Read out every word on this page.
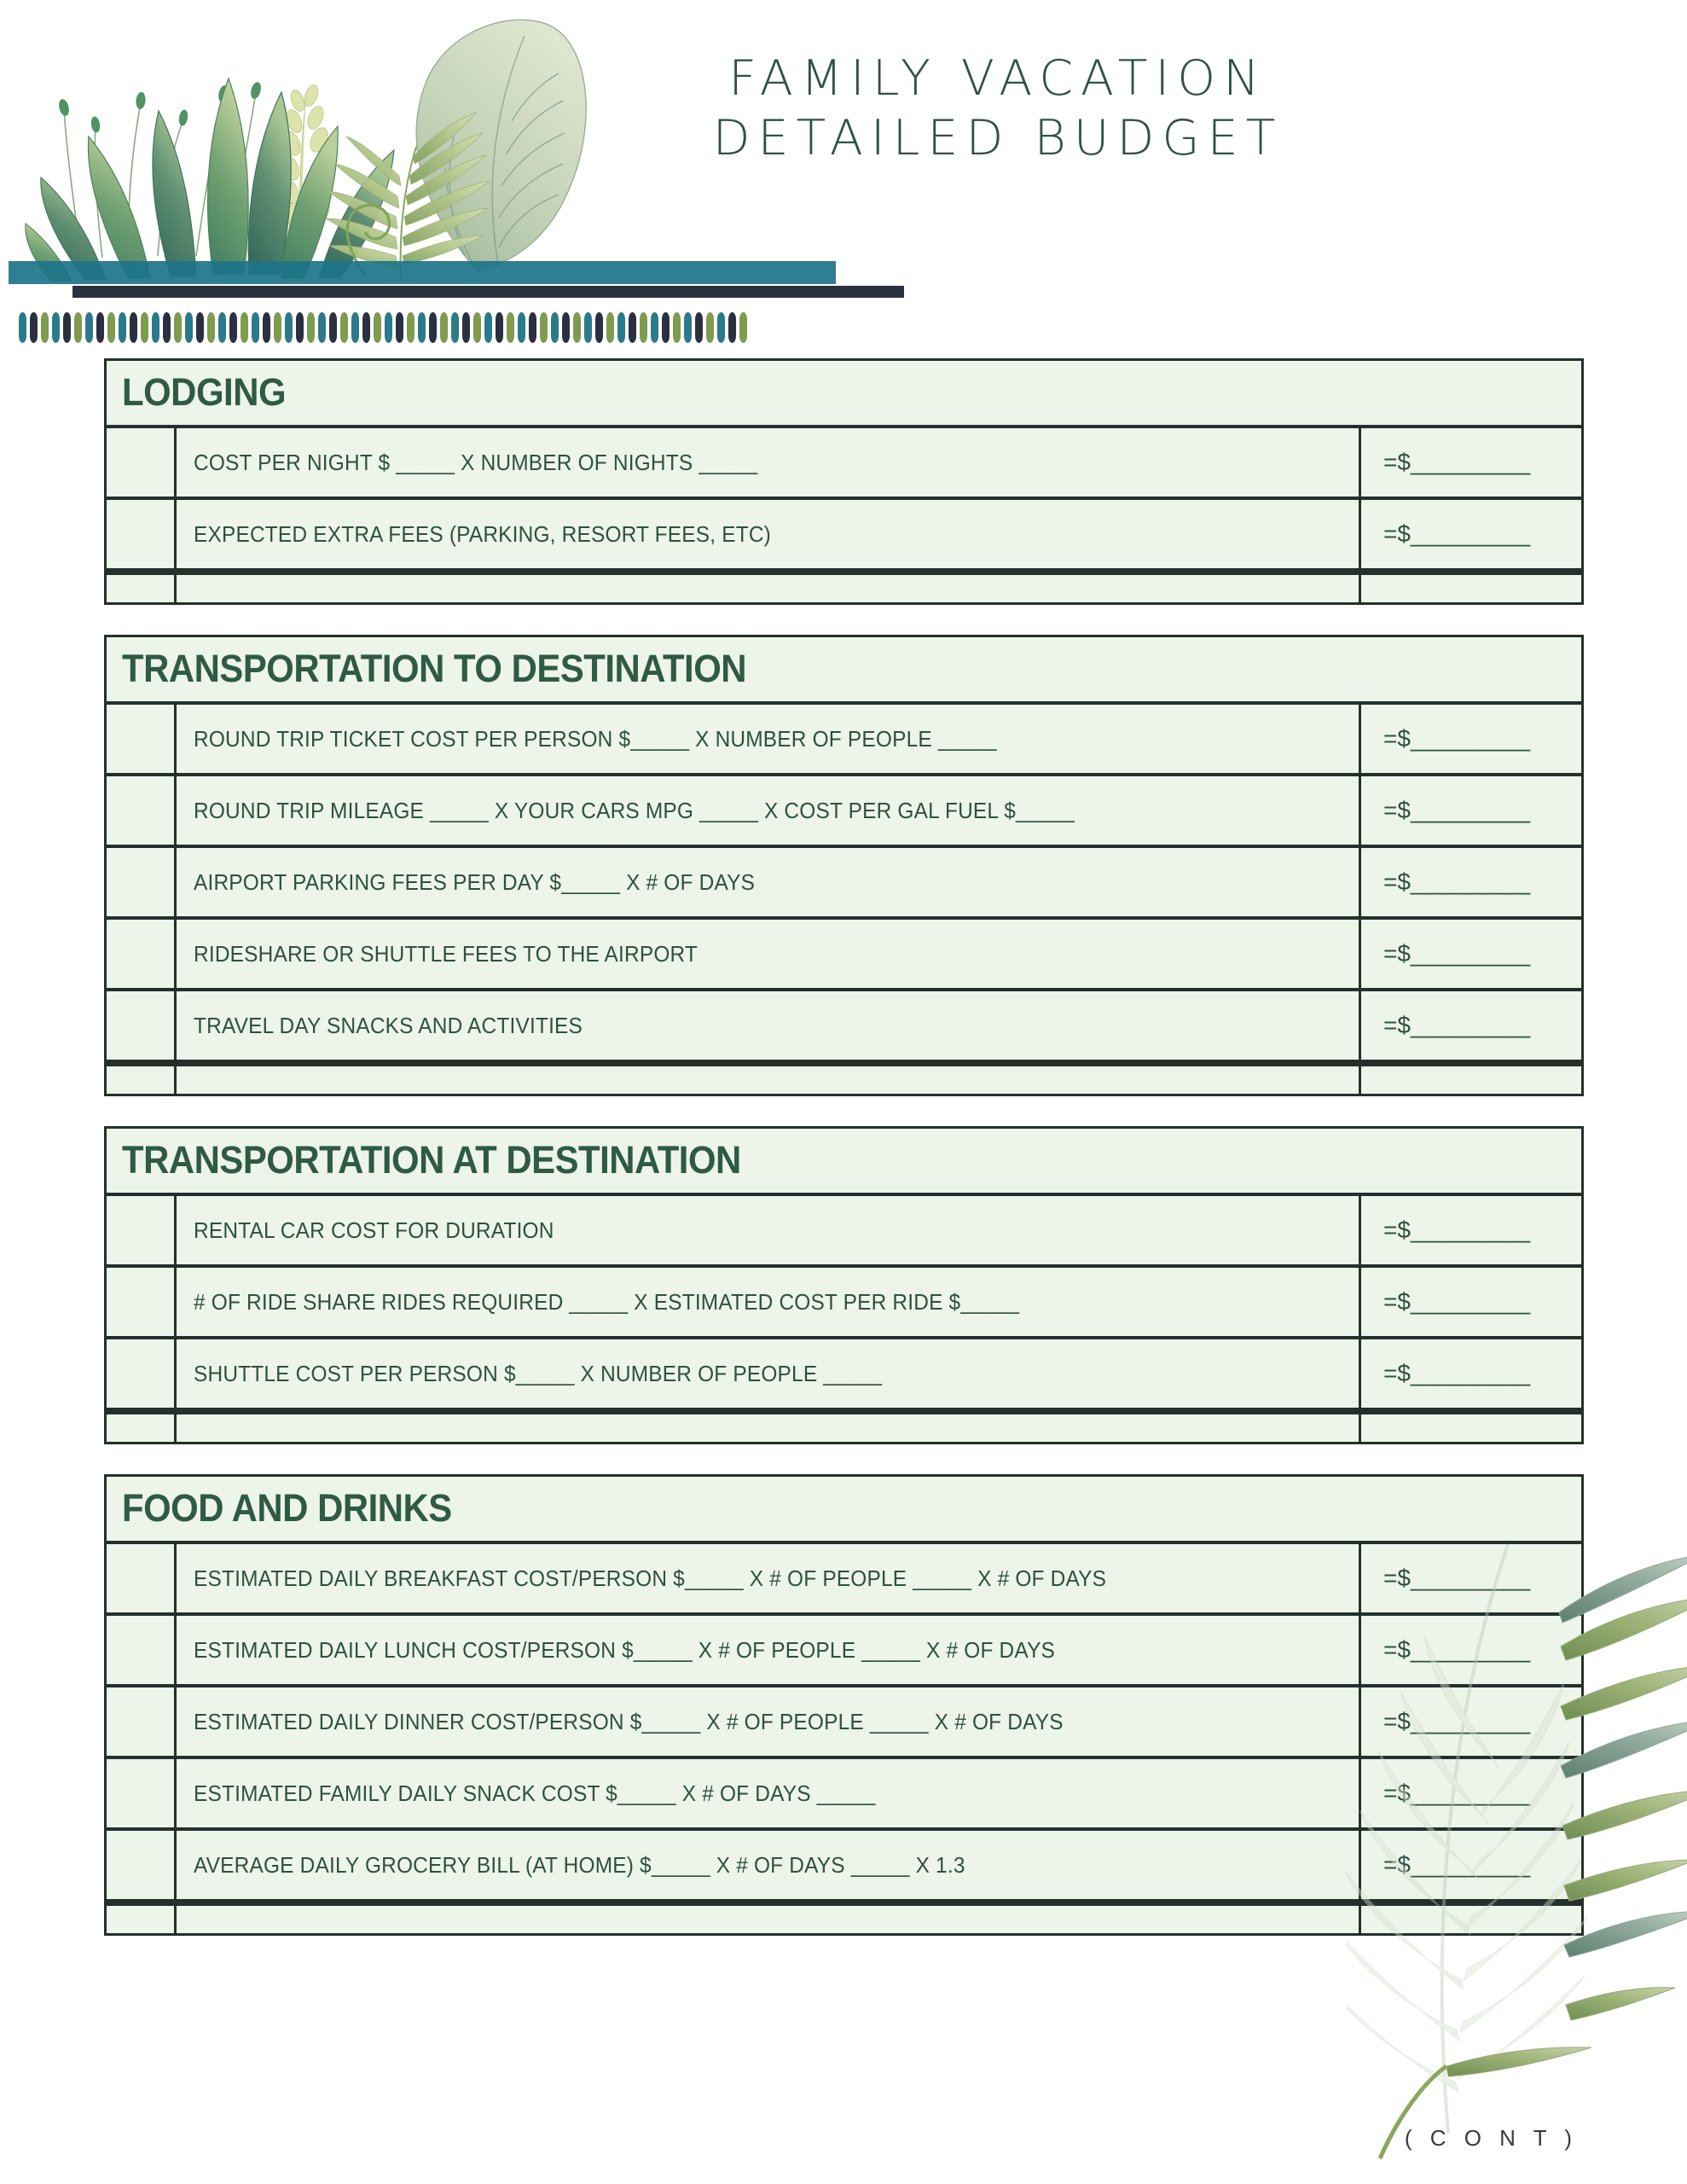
FAMILY VACATION
DETAILED BUDGET
LODGING
COST PER NIGHT $ _____ X NUMBER OF NIGHTS _____	=$_________
EXPECTED EXTRA FEES (PARKING, RESORT FEES, ETC)	=$_________
TRANSPORTATION TO DESTINATION
ROUND TRIP TICKET COST PER PERSON $_____ X NUMBER OF PEOPLE _____	=$_________
ROUND TRIP MILEAGE _____ X YOUR CARS MPG _____ X COST PER GAL FUEL $_____	=$_________
AIRPORT PARKING FEES PER DAY $_____ X # OF DAYS	=$_________
RIDESHARE OR SHUTTLE FEES TO THE AIRPORT	=$_________
TRAVEL DAY SNACKS AND ACTIVITIES	=$_________
TRANSPORTATION AT DESTINATION
RENTAL CAR COST FOR DURATION	=$_________
# OF RIDE SHARE RIDES REQUIRED _____ X ESTIMATED COST PER RIDE $_____	=$_________
SHUTTLE COST PER PERSON $_____ X NUMBER OF PEOPLE _____	=$_________
FOOD AND DRINKS
ESTIMATED DAILY BREAKFAST COST/PERSON $_____ X # OF PEOPLE _____ X # OF DAYS	=$_________
ESTIMATED DAILY LUNCH COST/PERSON $_____ X # OF PEOPLE _____ X # OF DAYS	=$_________
ESTIMATED DAILY DINNER COST/PERSON $_____ X # OF PEOPLE _____ X # OF DAYS	=$_________
ESTIMATED FAMILY DAILY SNACK COST $_____ X # OF DAYS _____	=$_________
AVERAGE DAILY GROCERY BILL (AT HOME) $_____ X # OF DAYS _____ X 1.3	=$_________
( C O N T )
